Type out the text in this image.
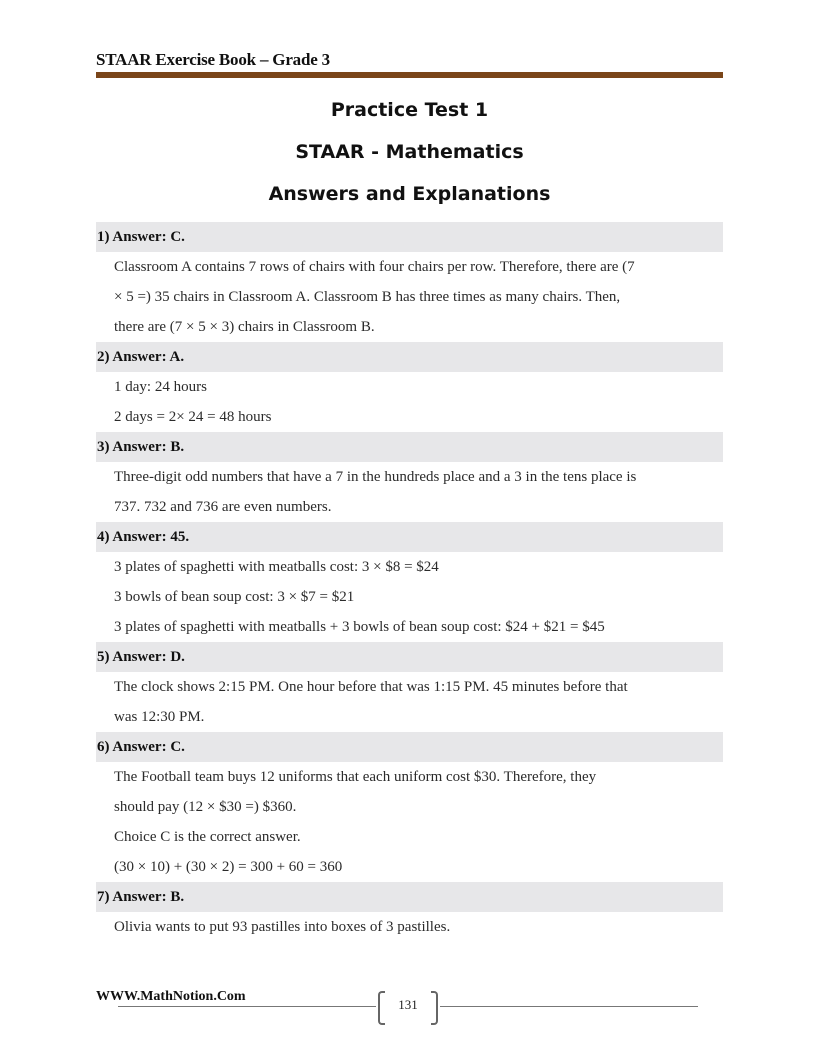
STAAR Exercise Book – Grade 3
Practice Test 1
STAAR - Mathematics
Answers and Explanations
1) Answer: C.
Classroom A contains 7 rows of chairs with four chairs per row. Therefore, there are (7
× 5 =) 35 chairs in Classroom A. Classroom B has three times as many chairs. Then,
there are (7 × 5 × 3) chairs in Classroom B.
2) Answer: A.
1 day: 24 hours
2 days = 2× 24 = 48 hours
3) Answer: B.
Three-digit odd numbers that have a 7 in the hundreds place and a 3 in the tens place is
737. 732 and 736 are even numbers.
4) Answer: 45.
3 plates of spaghetti with meatballs cost: 3 × $8 = $24
3 bowls of bean soup cost: 3 × $7 = $21
3 plates of spaghetti with meatballs + 3 bowls of bean soup cost: $24 + $21 = $45
5) Answer: D.
The clock shows 2:15 PM. One hour before that was 1:15 PM. 45 minutes before that
was 12:30 PM.
6) Answer: C.
The Football team buys 12 uniforms that each uniform cost $30. Therefore, they
should pay (12 × $30 =) $360.
Choice C is the correct answer.
(30 × 10) + (30 × 2) = 300 + 60 = 360
7) Answer: B.
Olivia wants to put 93 pastilles into boxes of 3 pastilles.
WWW.MathNotion.Com
131
